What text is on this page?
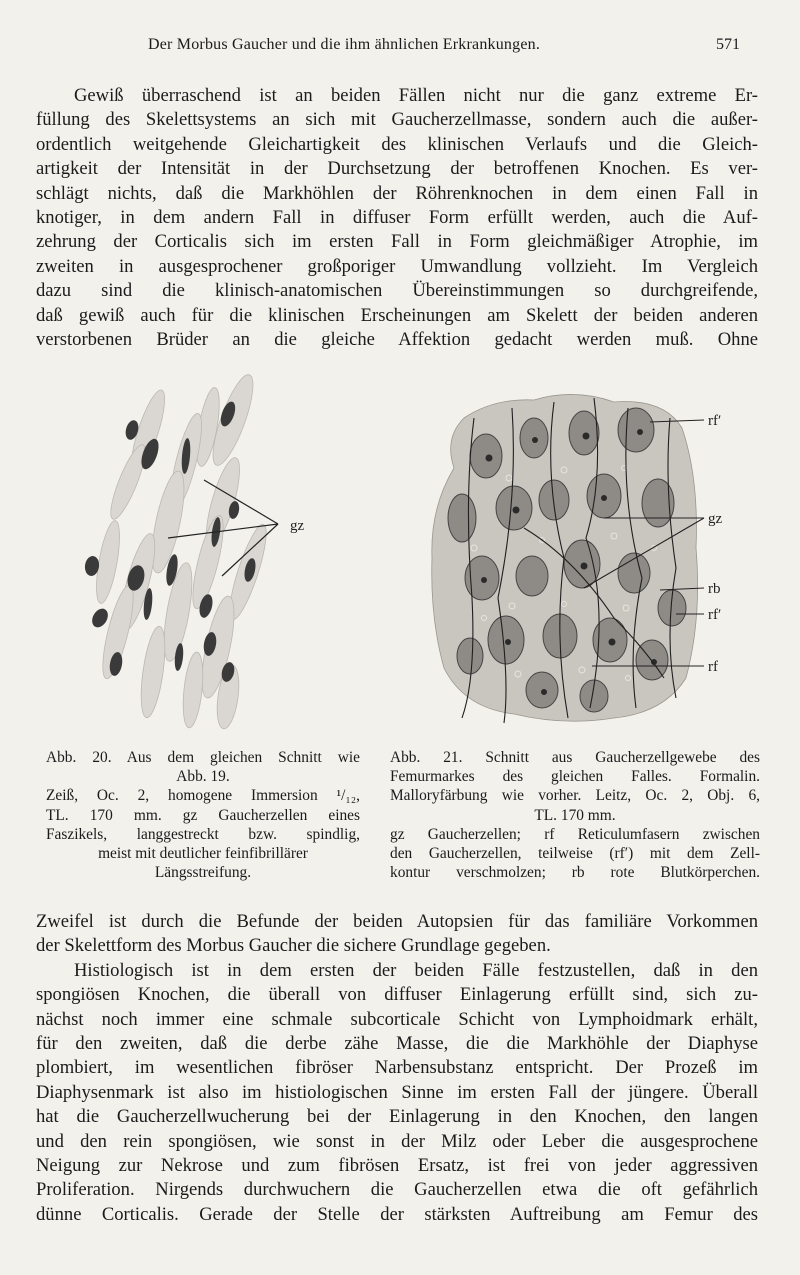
Der Morbus Gaucher und die ihm ähnlichen Erkrankungen.	571
Gewiß überraschend ist an beiden Fällen nicht nur die ganz extreme Er-
füllung des Skelettsystems an sich mit Gaucherzellmasse, sondern auch die außer-
ordentlich weitgehende Gleichartigkeit des klinischen Verlaufs und die Gleich-
artigkeit der Intensität in der Durchsetzung der betroffenen Knochen. Es ver-
schlägt nichts, daß die Markhöhlen der Röhrenknochen in dem einen Fall in
knotiger, in dem andern Fall in diffuser Form erfüllt werden, auch die Auf-
zehrung der Corticalis sich im ersten Fall in Form gleichmäßiger Atrophie, im
zweiten in ausgesprochener großporiger Umwandlung vollzieht. Im Vergleich
dazu sind die klinisch-anatomischen Übereinstimmungen so durchgreifende,
daß gewiß auch für die klinischen Erscheinungen am Skelett der beiden anderen
verstorbenen Brüder an die gleiche Affektion gedacht werden muß. Ohne
gz
rf′
gz
rb
rf′
rf
Abb. 20. Aus dem gleichen Schnitt wie
Abb. 19.
Zeiß, Oc. 2, homogene Immersion ¹/₁₂,
TL. 170 mm. gz Gaucherzellen eines
Faszikels, langgestreckt bzw. spindlig,
meist mit deutlicher feinfibrillärer
Längsstreifung.
Abb. 21. Schnitt aus Gaucherzellgewebe des
Femurmarkes des gleichen Falles. Formalin.
Malloryfärbung wie vorher. Leitz, Oc. 2, Obj. 6,
TL. 170 mm.
gz Gaucherzellen; rf Reticulumfasern zwischen
den Gaucherzellen, teilweise (rf′) mit dem Zell-
kontur verschmolzen; rb rote Blutkörperchen.
Zweifel ist durch die Befunde der beiden Autopsien für das familiäre Vorkommen
der Skelettform des Morbus Gaucher die sichere Grundlage gegeben.
Histiologisch ist in dem ersten der beiden Fälle festzustellen, daß in den
spongiösen Knochen, die überall von diffuser Einlagerung erfüllt sind, sich zu-
nächst noch immer eine schmale subcorticale Schicht von Lymphoidmark erhält,
für den zweiten, daß die derbe zähe Masse, die die Markhöhle der Diaphyse
plombiert, im wesentlichen fibröser Narbensubstanz entspricht. Der Prozeß im
Diaphysenmark ist also im histiologischen Sinne im ersten Fall der jüngere. Überall
hat die Gaucherzellwucherung bei der Einlagerung in den Knochen, den langen
und den rein spongiösen, wie sonst in der Milz oder Leber die ausgesprochene
Neigung zur Nekrose und zum fibrösen Ersatz, ist frei von jeder aggressiven
Proliferation. Nirgends durchwuchern die Gaucherzellen etwa die oft gefährlich
dünne Corticalis. Gerade der Stelle der stärksten Auftreibung am Femur des
